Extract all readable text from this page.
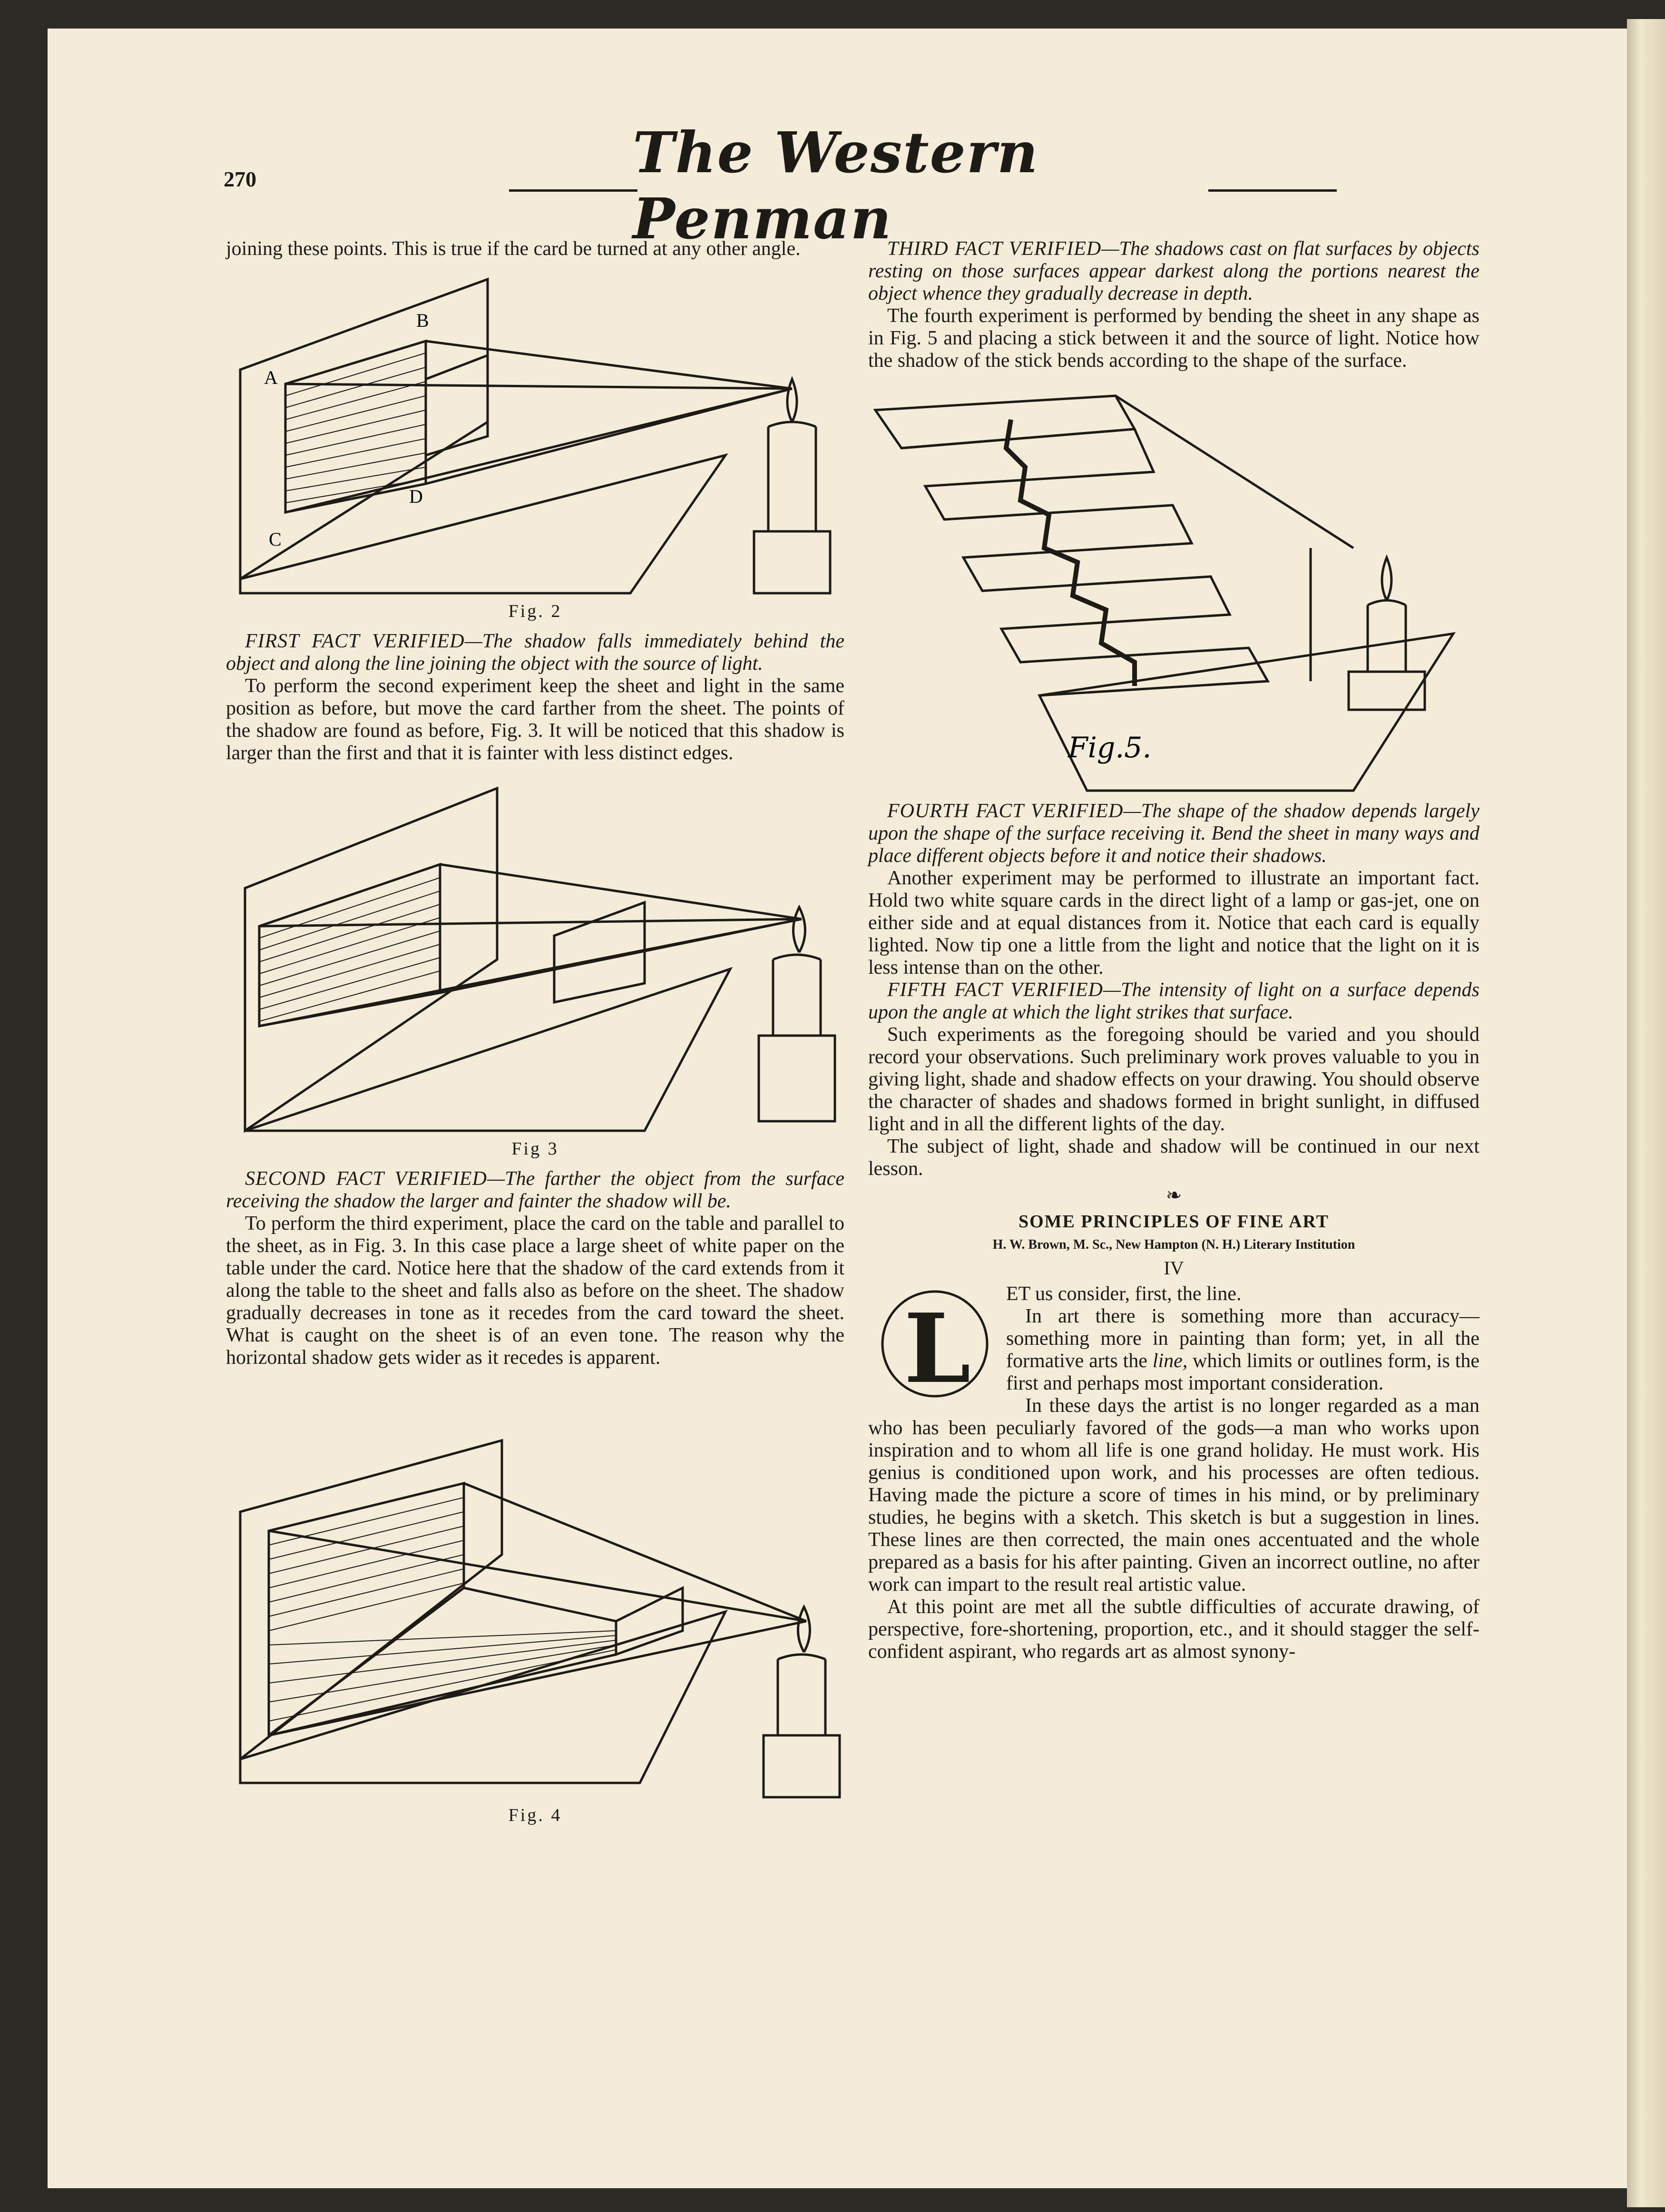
270	The Western Penman

joining these points. This is true if the card be turned at any other angle.

A
B
C
D
Fig. 2

FIRST FACT VERIFIED—The shadow falls immediately behind the object and along the line joining the object with the source of light.

To perform the second experiment keep the sheet and light in the same position as before, but move the card farther from the sheet. The points of the shadow are found as before, Fig. 3. It will be noticed that this shadow is larger than the first and that it is fainter with less distinct edges.

Fig 3

SECOND FACT VERIFIED—The farther the object from the surface receiving the shadow the larger and fainter the shadow will be.

To perform the third experiment, place the card on the table and parallel to the sheet, as in Fig. 3. In this case place a large sheet of white paper on the table under the card. Notice here that the shadow of the card extends from it along the table to the sheet and falls also as before on the sheet. The shadow gradually decreases in tone as it recedes from the card toward the sheet. What is caught on the sheet is of an even tone. The reason why the horizontal shadow gets wider as it recedes is apparent.

Fig. 4

THIRD FACT VERIFIED—The shadows cast on flat surfaces by objects resting on those surfaces appear darkest along the portions nearest the object whence they gradually decrease in depth.

The fourth experiment is performed by bending the sheet in any shape as in Fig. 5 and placing a stick between it and the source of light. Notice how the shadow of the stick bends according to the shape of the surface.

Fig.5.

FOURTH FACT VERIFIED—The shape of the shadow depends largely upon the shape of the surface receiving it. Bend the sheet in many ways and place different objects before it and notice their shadows.

Another experiment may be performed to illustrate an important fact. Hold two white square cards in the direct light of a lamp or gas-jet, one on either side and at equal distances from it. Notice that each card is equally lighted. Now tip one a little from the light and notice that the light on it is less intense than on the other.

FIFTH FACT VERIFIED—The intensity of light on a surface depends upon the angle at which the light strikes that surface.

Such experiments as the foregoing should be varied and you should record your observations. Such preliminary work proves valuable to you in giving light, shade and shadow effects on your drawing. You should observe the character of shades and shadows formed in bright sunlight, in diffused light and in all the different lights of the day.

The subject of light, shade and shadow will be continued in our next lesson.

❧
SOME PRINCIPLES OF FINE ART
H. W. Brown, M. Sc., New Hampton (N. H.) Literary Institution
IV
L	ET us consider, first, the line.
In art there is something more than accuracy—something more in painting than form; yet, in all the formative arts the line, which limits or outlines form, is the first and perhaps most important consideration.

In these days the artist is no longer regarded as a man who has been peculiarly favored of the gods—a man who works upon inspiration and to whom all life is one grand holiday. He must work. His genius is conditioned upon work, and his processes are often tedious. Having made the picture a score of times in his mind, or by preliminary studies, he begins with a sketch. This sketch is but a suggestion in lines. These lines are then corrected, the main ones accentuated and the whole prepared as a basis for his after painting. Given an incorrect outline, no after work can impart to the result real artistic value.

At this point are met all the subtle difficulties of accurate drawing, of perspective, fore-shortening, proportion, etc., and it should stagger the self-confident aspirant, who regards art as almost synony-
